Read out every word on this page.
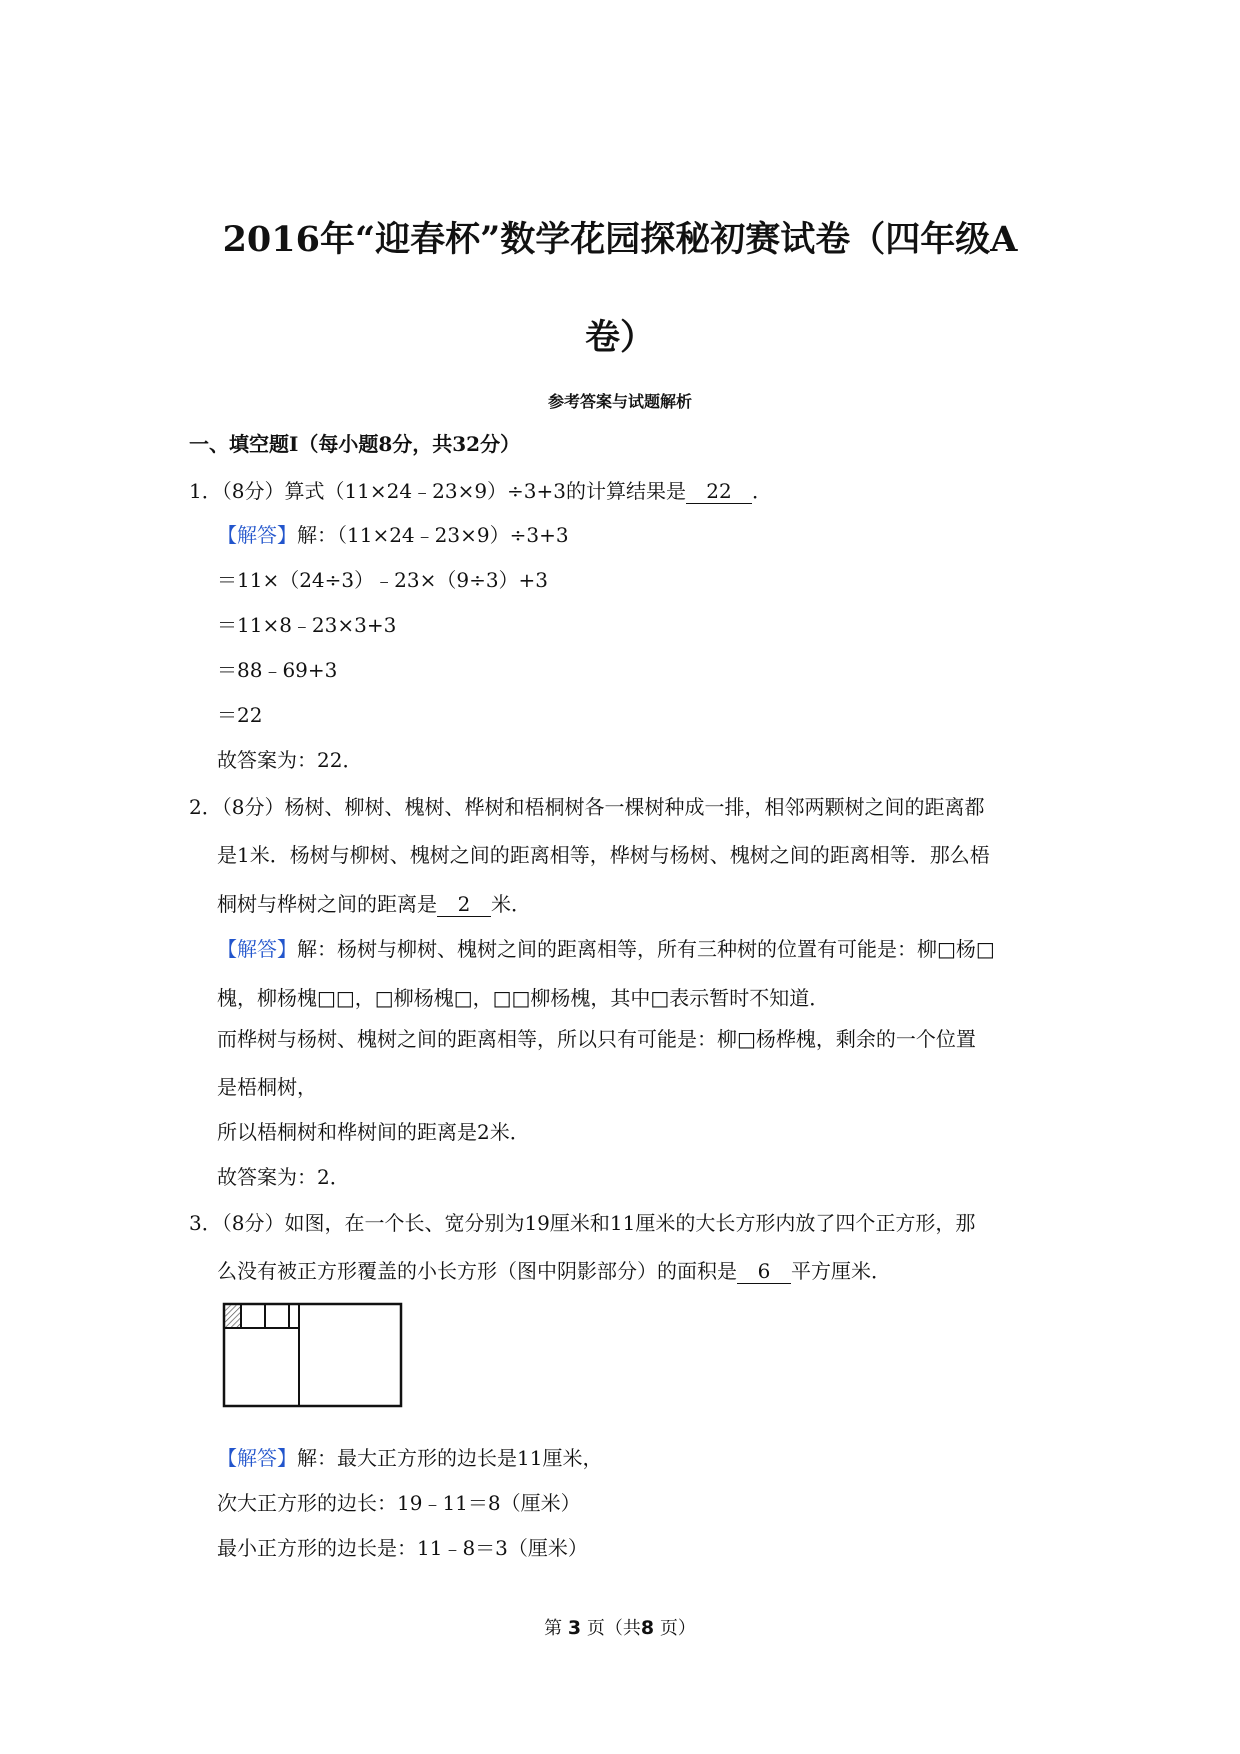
2016年“迎春杯”数学花园探秘初赛试卷（四年级A
卷）
参考答案与试题解析
一、填空题Ⅰ（每小题8分，共32分）
1．（8分）算式（11×24﹣23×9）÷3+3的计算结果是 22 ．
【解答】解：（11×24﹣23×9）÷3+3
＝11×（24÷3）﹣23×（9÷3）+3
＝11×8﹣23×3+3
＝88﹣69+3
＝22
故答案为：22．
2．（8分）杨树、柳树、槐树、桦树和梧桐树各一棵树种成一排，相邻两颗树之间的距离都
是1米．杨树与柳树、槐树之间的距离相等，桦树与杨树、槐树之间的距离相等．那么梧
桐树与桦树之间的距离是 2 米．
【解答】解：杨树与柳树、槐树之间的距离相等，所有三种树的位置有可能是：柳□杨□
槐，柳杨槐□□，□柳杨槐□，□□柳杨槐，其中□表示暂时不知道．
而桦树与杨树、槐树之间的距离相等，所以只有可能是：柳□杨桦槐，剩余的一个位置
是梧桐树，
所以梧桐树和桦树间的距离是2米．
故答案为：2．
3．（8分）如图，在一个长、宽分别为19厘米和11厘米的大长方形内放了四个正方形，那
么没有被正方形覆盖的小长方形（图中阴影部分）的面积是 6 平方厘米．
【解答】解：最大正方形的边长是11厘米，
次大正方形的边长：19﹣11＝8（厘米）
最小正方形的边长是：11﹣8＝3（厘米）
第 3 页（共8 页）
